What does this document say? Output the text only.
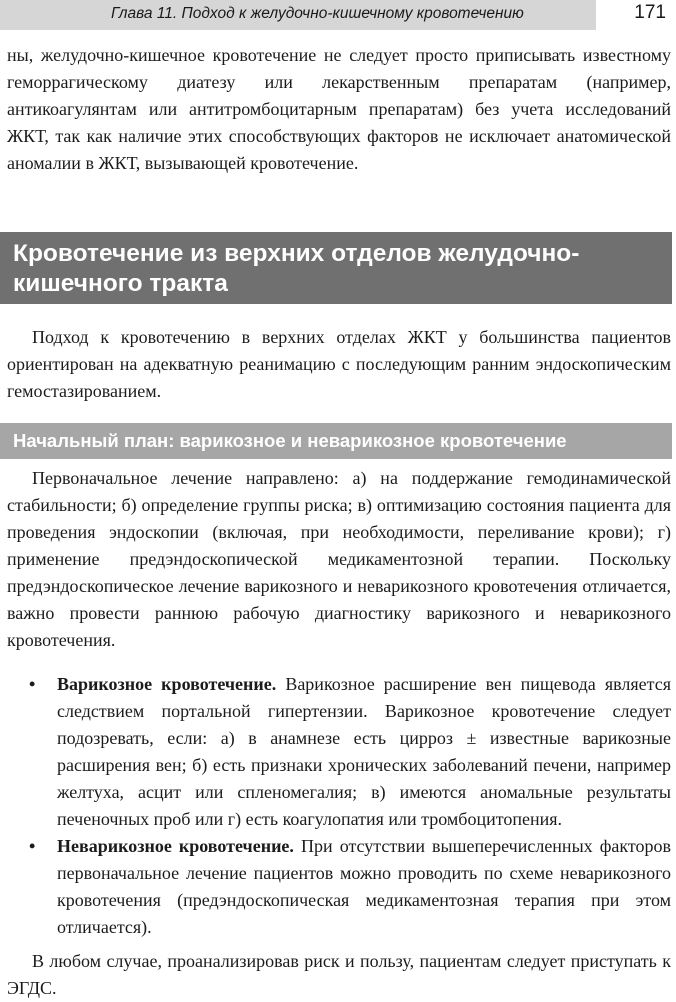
Глава 11. Подход к желудочно-кишечному кровотечению	171

ны, желудочно-кишечное кровотечение не следует просто приписывать известному геморрагическому диатезу или лекарственным препаратам (например, антикоагулянтам или антитромбоцитарным препаратам) без учета исследований ЖКТ, так как наличие этих способствующих факторов не исключает анатомической аномалии в ЖКТ, вызывающей кровотечение.

Кровотечение из верхних отделов желудочно-кишечного тракта

Подход к кровотечению в верхних отделах ЖКТ у большинства пациентов ориентирован на адекватную реанимацию с последующим ранним эндоскопическим гемостазированием.

Начальный план: варикозное и неварикозное кровотечение

Первоначальное лечение направлено: а) на поддержание гемодинамической стабильности; б) определение группы риска; в) оптимизацию состояния пациента для проведения эндоскопии (включая, при необходимости, переливание крови); г) применение предэндоскопической медикаментозной терапии. Поскольку предэндоскопическое лечение варикозного и неварикозного кровотечения отличается, важно провести раннюю рабочую диагностику варикозного и неварикозного кровотечения.

• Варикозное кровотечение. Варикозное расширение вен пищевода является следствием портальной гипертензии. Варикозное кровотечение следует подозревать, если: а) в анамнезе есть цирроз ± известные варикозные расширения вен; б) есть признаки хронических заболеваний печени, например желтуха, асцит или спленомегалия; в) имеются аномальные результаты печеночных проб или г) есть коагулопатия или тромбоцитопения.
• Неварикозное кровотечение. При отсутствии вышеперечисленных факторов первоначальное лечение пациентов можно проводить по схеме неварикозного кровотечения (предэндоскопическая медикаментозная терапия при этом отличается).

В любом случае, проанализировав риск и пользу, пациентам следует приступать к ЭГДС.
